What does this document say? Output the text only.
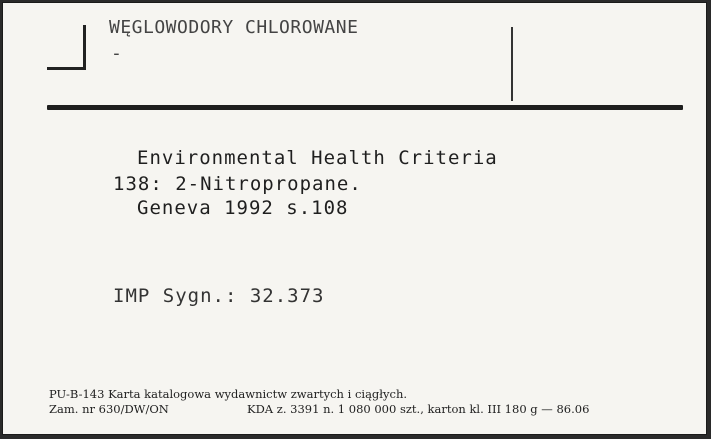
WĘGLOWODORY CHLOROWANE
-
Environmental Health Criteria
138: 2-Nitropropane.
Geneva 1992 s.108
IMP Sygn.: 32.373
PU-B-143 Karta katalogowa wydawnictw zwartych i ciągłych.
Zam. nr 630/DW/ON	KDA z. 3391 n. 1 080 000 szt., karton kl. III 180 g — 86.06
